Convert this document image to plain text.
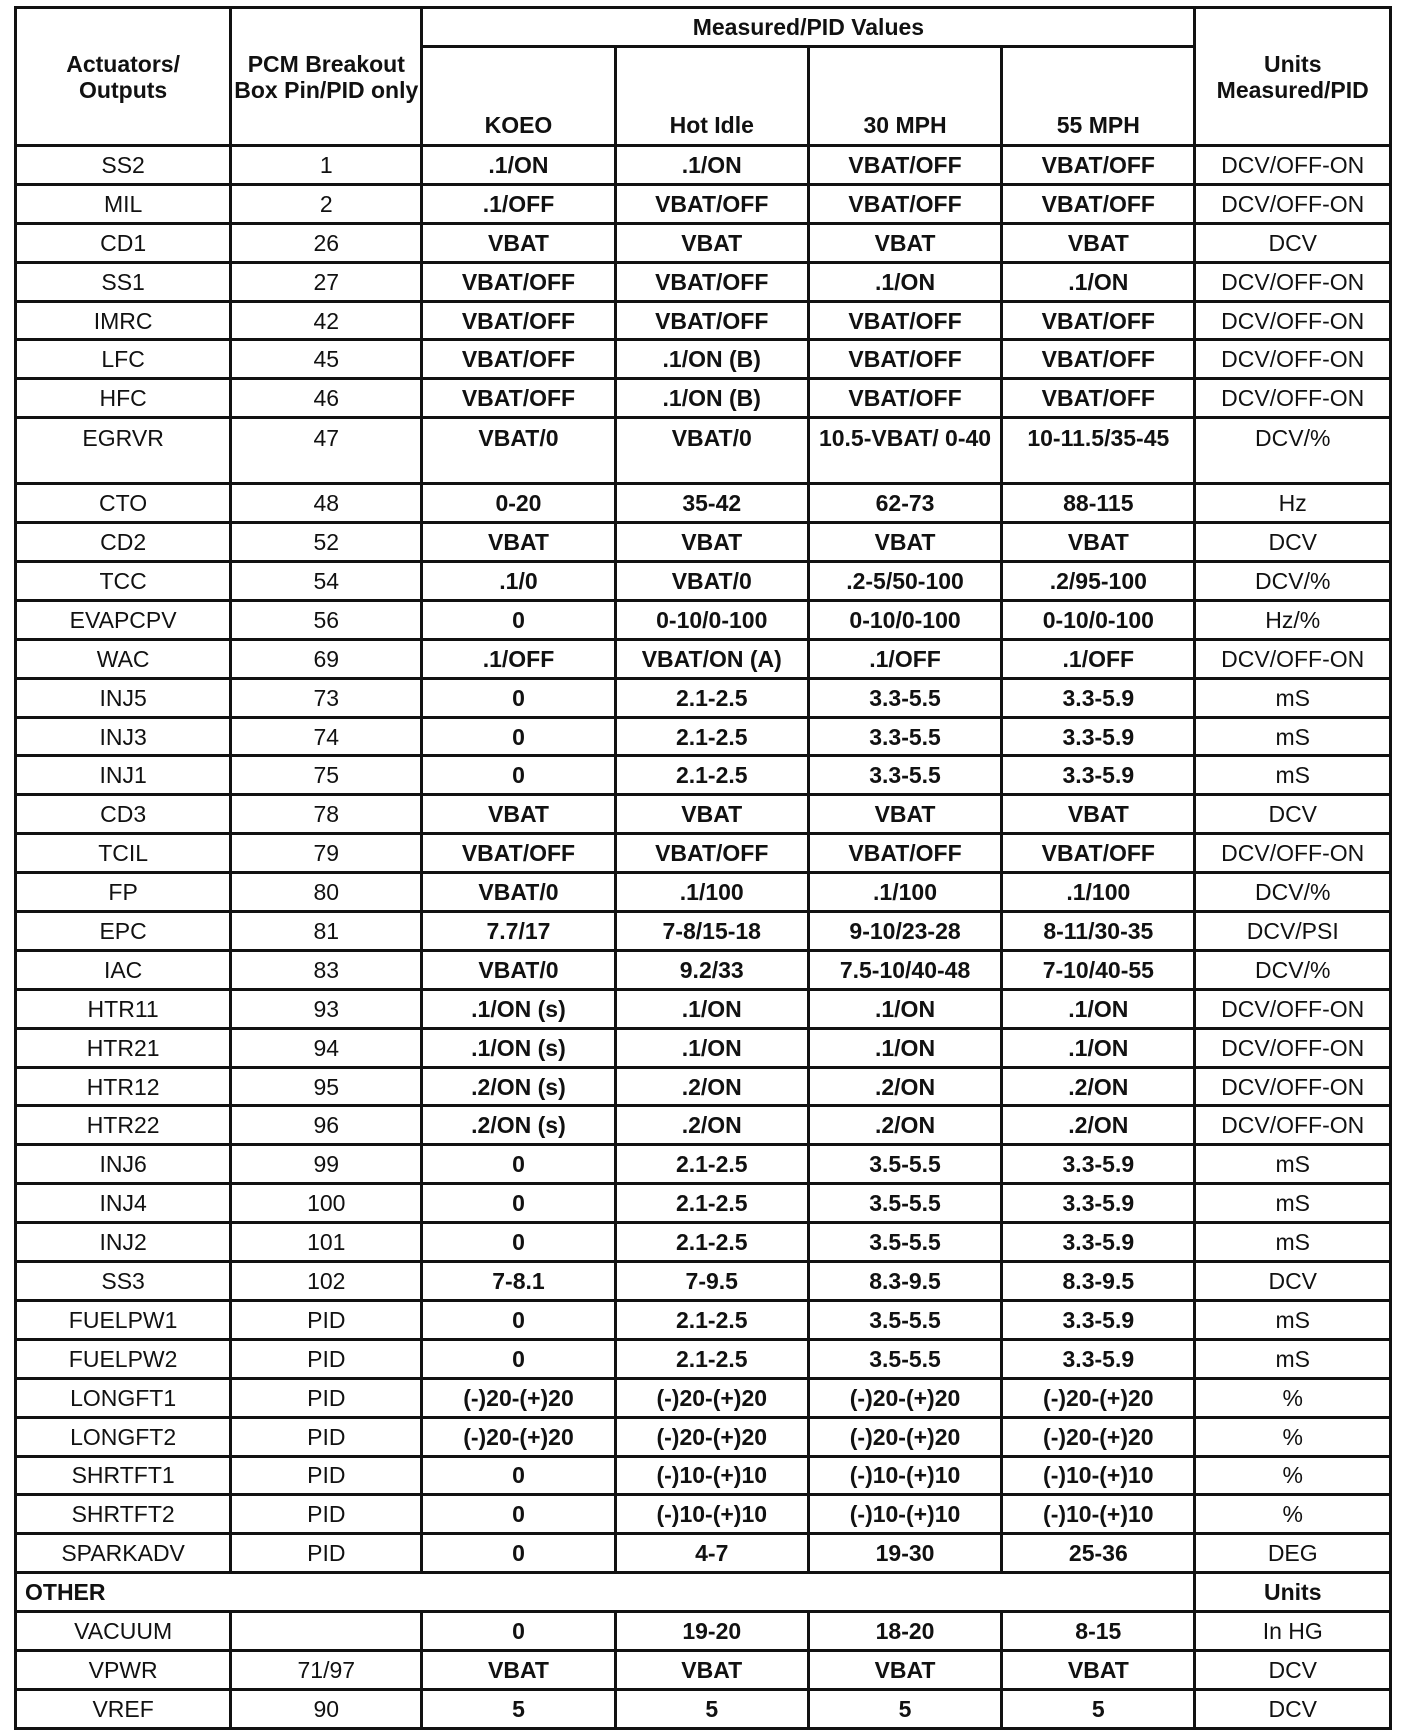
Actuators/ Outputs	PCM Breakout Box Pin/PID only	Measured/PID Values				Units Measured/PID
		KOEO	Hot Idle	30 MPH	55 MPH	
SS2	1	.1/ON	.1/ON	VBAT/OFF	VBAT/OFF	DCV/OFF-ON
MIL	2	.1/OFF	VBAT/OFF	VBAT/OFF	VBAT/OFF	DCV/OFF-ON
CD1	26	VBAT	VBAT	VBAT	VBAT	DCV
SS1	27	VBAT/OFF	VBAT/OFF	.1/ON	.1/ON	DCV/OFF-ON
IMRC	42	VBAT/OFF	VBAT/OFF	VBAT/OFF	VBAT/OFF	DCV/OFF-ON
LFC	45	VBAT/OFF	.1/ON (B)	VBAT/OFF	VBAT/OFF	DCV/OFF-ON
HFC	46	VBAT/OFF	.1/ON (B)	VBAT/OFF	VBAT/OFF	DCV/OFF-ON
EGRVR	47	VBAT/0	VBAT/0	10.5-VBAT/ 0-40	10-11.5/35-45	DCV/%
CTO	48	0-20	35-42	62-73	88-115	Hz
CD2	52	VBAT	VBAT	VBAT	VBAT	DCV
TCC	54	.1/0	VBAT/0	.2-5/50-100	.2/95-100	DCV/%
EVAPCPV	56	0	0-10/0-100	0-10/0-100	0-10/0-100	Hz/%
WAC	69	.1/OFF	VBAT/ON (A)	.1/OFF	.1/OFF	DCV/OFF-ON
INJ5	73	0	2.1-2.5	3.3-5.5	3.3-5.9	mS
INJ3	74	0	2.1-2.5	3.3-5.5	3.3-5.9	mS
INJ1	75	0	2.1-2.5	3.3-5.5	3.3-5.9	mS
CD3	78	VBAT	VBAT	VBAT	VBAT	DCV
TCIL	79	VBAT/OFF	VBAT/OFF	VBAT/OFF	VBAT/OFF	DCV/OFF-ON
FP	80	VBAT/0	.1/100	.1/100	.1/100	DCV/%
EPC	81	7.7/17	7-8/15-18	9-10/23-28	8-11/30-35	DCV/PSI
IAC	83	VBAT/0	9.2/33	7.5-10/40-48	7-10/40-55	DCV/%
HTR11	93	.1/ON (s)	.1/ON	.1/ON	.1/ON	DCV/OFF-ON
HTR21	94	.1/ON (s)	.1/ON	.1/ON	.1/ON	DCV/OFF-ON
HTR12	95	.2/ON (s)	.2/ON	.2/ON	.2/ON	DCV/OFF-ON
HTR22	96	.2/ON (s)	.2/ON	.2/ON	.2/ON	DCV/OFF-ON
INJ6	99	0	2.1-2.5	3.5-5.5	3.3-5.9	mS
INJ4	100	0	2.1-2.5	3.5-5.5	3.3-5.9	mS
INJ2	101	0	2.1-2.5	3.5-5.5	3.3-5.9	mS
SS3	102	7-8.1	7-9.5	8.3-9.5	8.3-9.5	DCV
FUELPW1	PID	0	2.1-2.5	3.5-5.5	3.3-5.9	mS
FUELPW2	PID	0	2.1-2.5	3.5-5.5	3.3-5.9	mS
LONGFT1	PID	(-)20-(+)20	(-)20-(+)20	(-)20-(+)20	(-)20-(+)20	%
LONGFT2	PID	(-)20-(+)20	(-)20-(+)20	(-)20-(+)20	(-)20-(+)20	%
SHRTFT1	PID	0	(-)10-(+)10	(-)10-(+)10	(-)10-(+)10	%
SHRTFT2	PID	0	(-)10-(+)10	(-)10-(+)10	(-)10-(+)10	%
SPARKADV	PID	0	4-7	19-30	25-36	DEG
OTHER						Units
VACUUM		0	19-20	18-20	8-15	In HG
VPWR	71/97	VBAT	VBAT	VBAT	VBAT	DCV
VREF	90	5	5	5	5	DCV
